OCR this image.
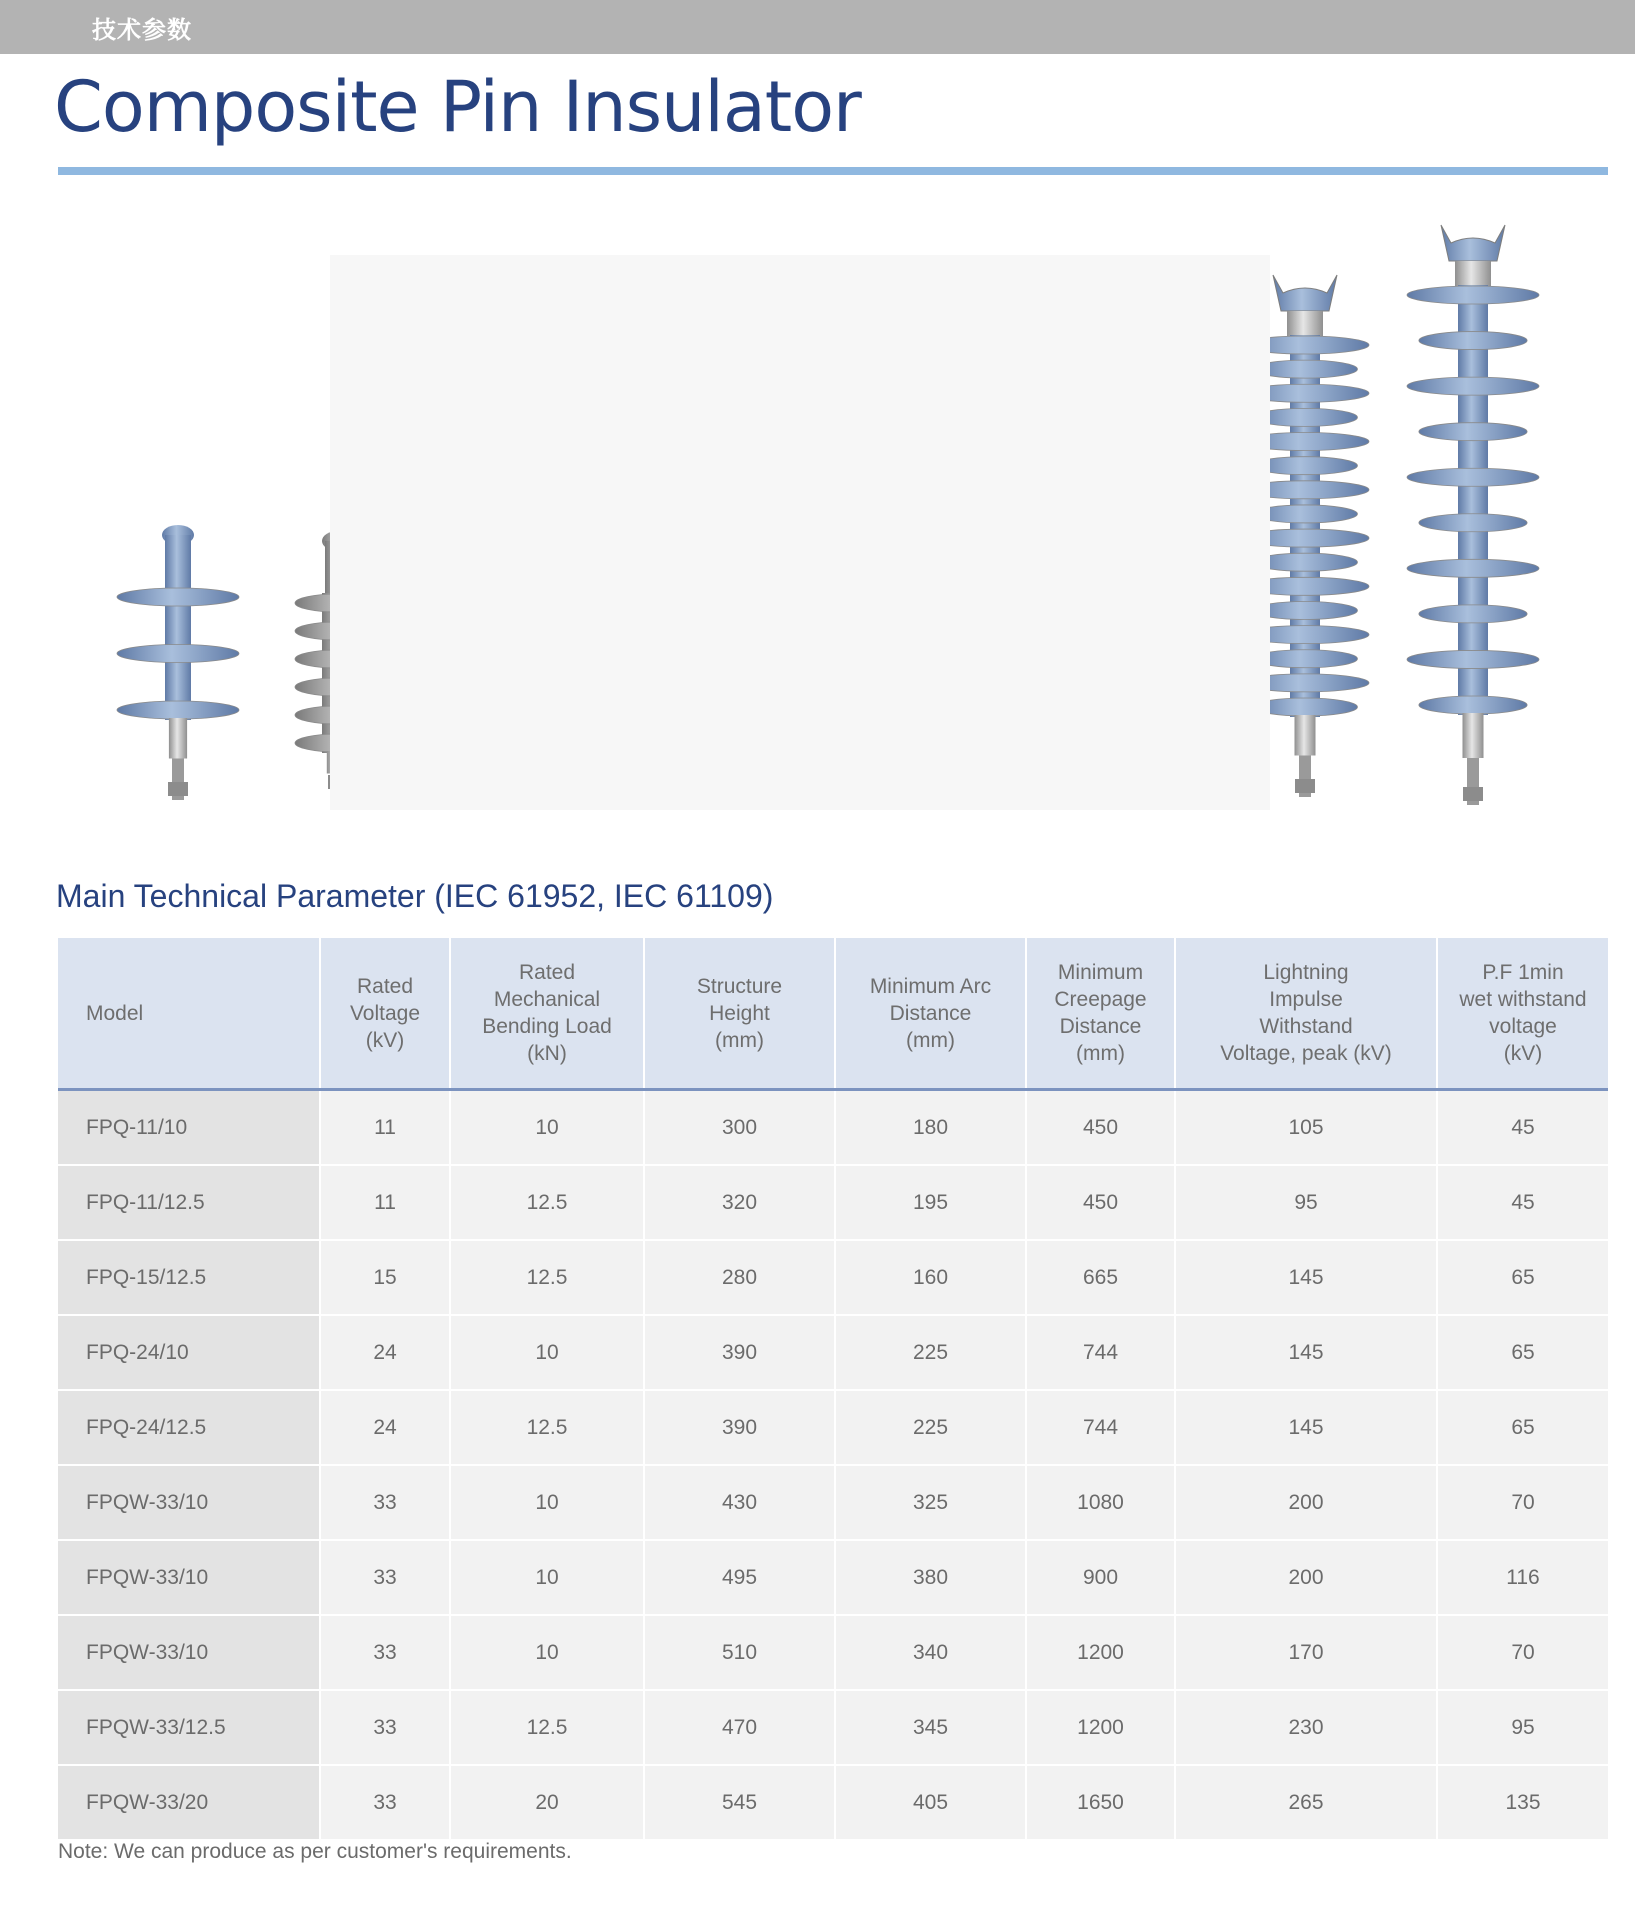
技术参数
Composite Pin Insulator
Main Technical Parameter (IEC 61952, IEC 61109)
Model	Rated
Voltage
(kV)	Rated
Mechanical
Bending Load
(kN)	Structure
Height
(mm)	Minimum Arc
Distance
(mm)	Minimum
Creepage
Distance
(mm)	Lightning
Impulse
Withstand
Voltage, peak (kV)	P.F 1min
wet withstand
voltage
(kV)
FPQ-11/10	11	10	300	180	450	105	45
FPQ-11/12.5	11	12.5	320	195	450	95	45
FPQ-15/12.5	15	12.5	280	160	665	145	65
FPQ-24/10	24	10	390	225	744	145	65
FPQ-24/12.5	24	12.5	390	225	744	145	65
FPQW-33/10	33	10	430	325	1080	200	70
FPQW-33/10	33	10	495	380	900	200	116
FPQW-33/10	33	10	510	340	1200	170	70
FPQW-33/12.5	33	12.5	470	345	1200	230	95
FPQW-33/20	33	20	545	405	1650	265	135
Note: We can produce as per customer's requirements.
